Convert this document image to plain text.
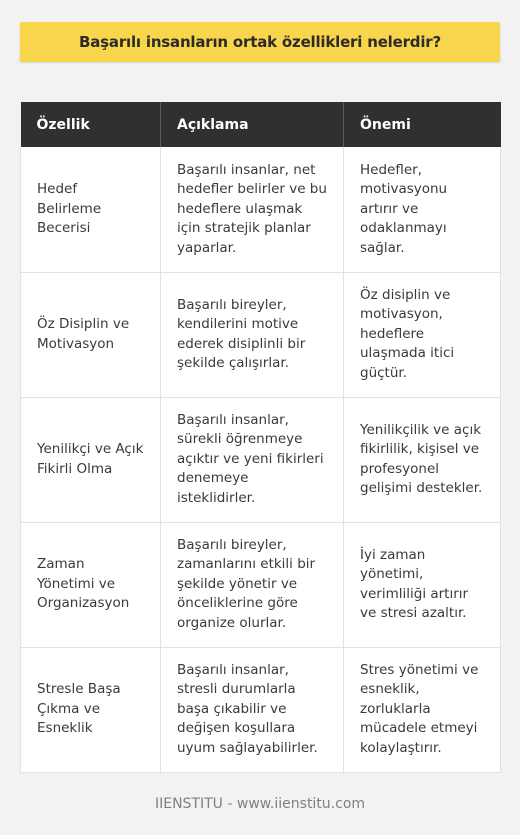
Başarılı insanların ortak özellikleri nelerdir?
Özellik	Açıklama	Önemi
Hedef Belirleme Becerisi	Başarılı insanlar, net hedefler belirler ve bu hedeflere ulaşmak için stratejik planlar yaparlar.	Hedefler, motivasyonu artırır ve odaklanmayı sağlar.
Öz Disiplin ve Motivasyon	Başarılı bireyler, kendilerini motive ederek disiplinli bir şekilde çalışırlar.	Öz disiplin ve motivasyon, hedeflere ulaşmada itici güçtür.
Yenilikçi ve Açık Fikirli Olma	Başarılı insanlar, sürekli öğrenmeye açıktır ve yeni fikirleri denemeye isteklidirler.	Yenilikçilik ve açık fikirlilik, kişisel ve profesyonel gelişimi destekler.
Zaman Yönetimi ve Organizasyon	Başarılı bireyler, zamanlarını etkili bir şekilde yönetir ve önceliklerine göre organize olurlar.	İyi zaman yönetimi, verimliliği artırır ve stresi azaltır.
Stresle Başa Çıkma ve Esneklik	Başarılı insanlar, stresli durumlarla başa çıkabilir ve değişen koşullara uyum sağlayabilirler.	Stres yönetimi ve esneklik, zorluklarla mücadele etmeyi kolaylaştırır.
IIENSTITU - www.iienstitu.com
